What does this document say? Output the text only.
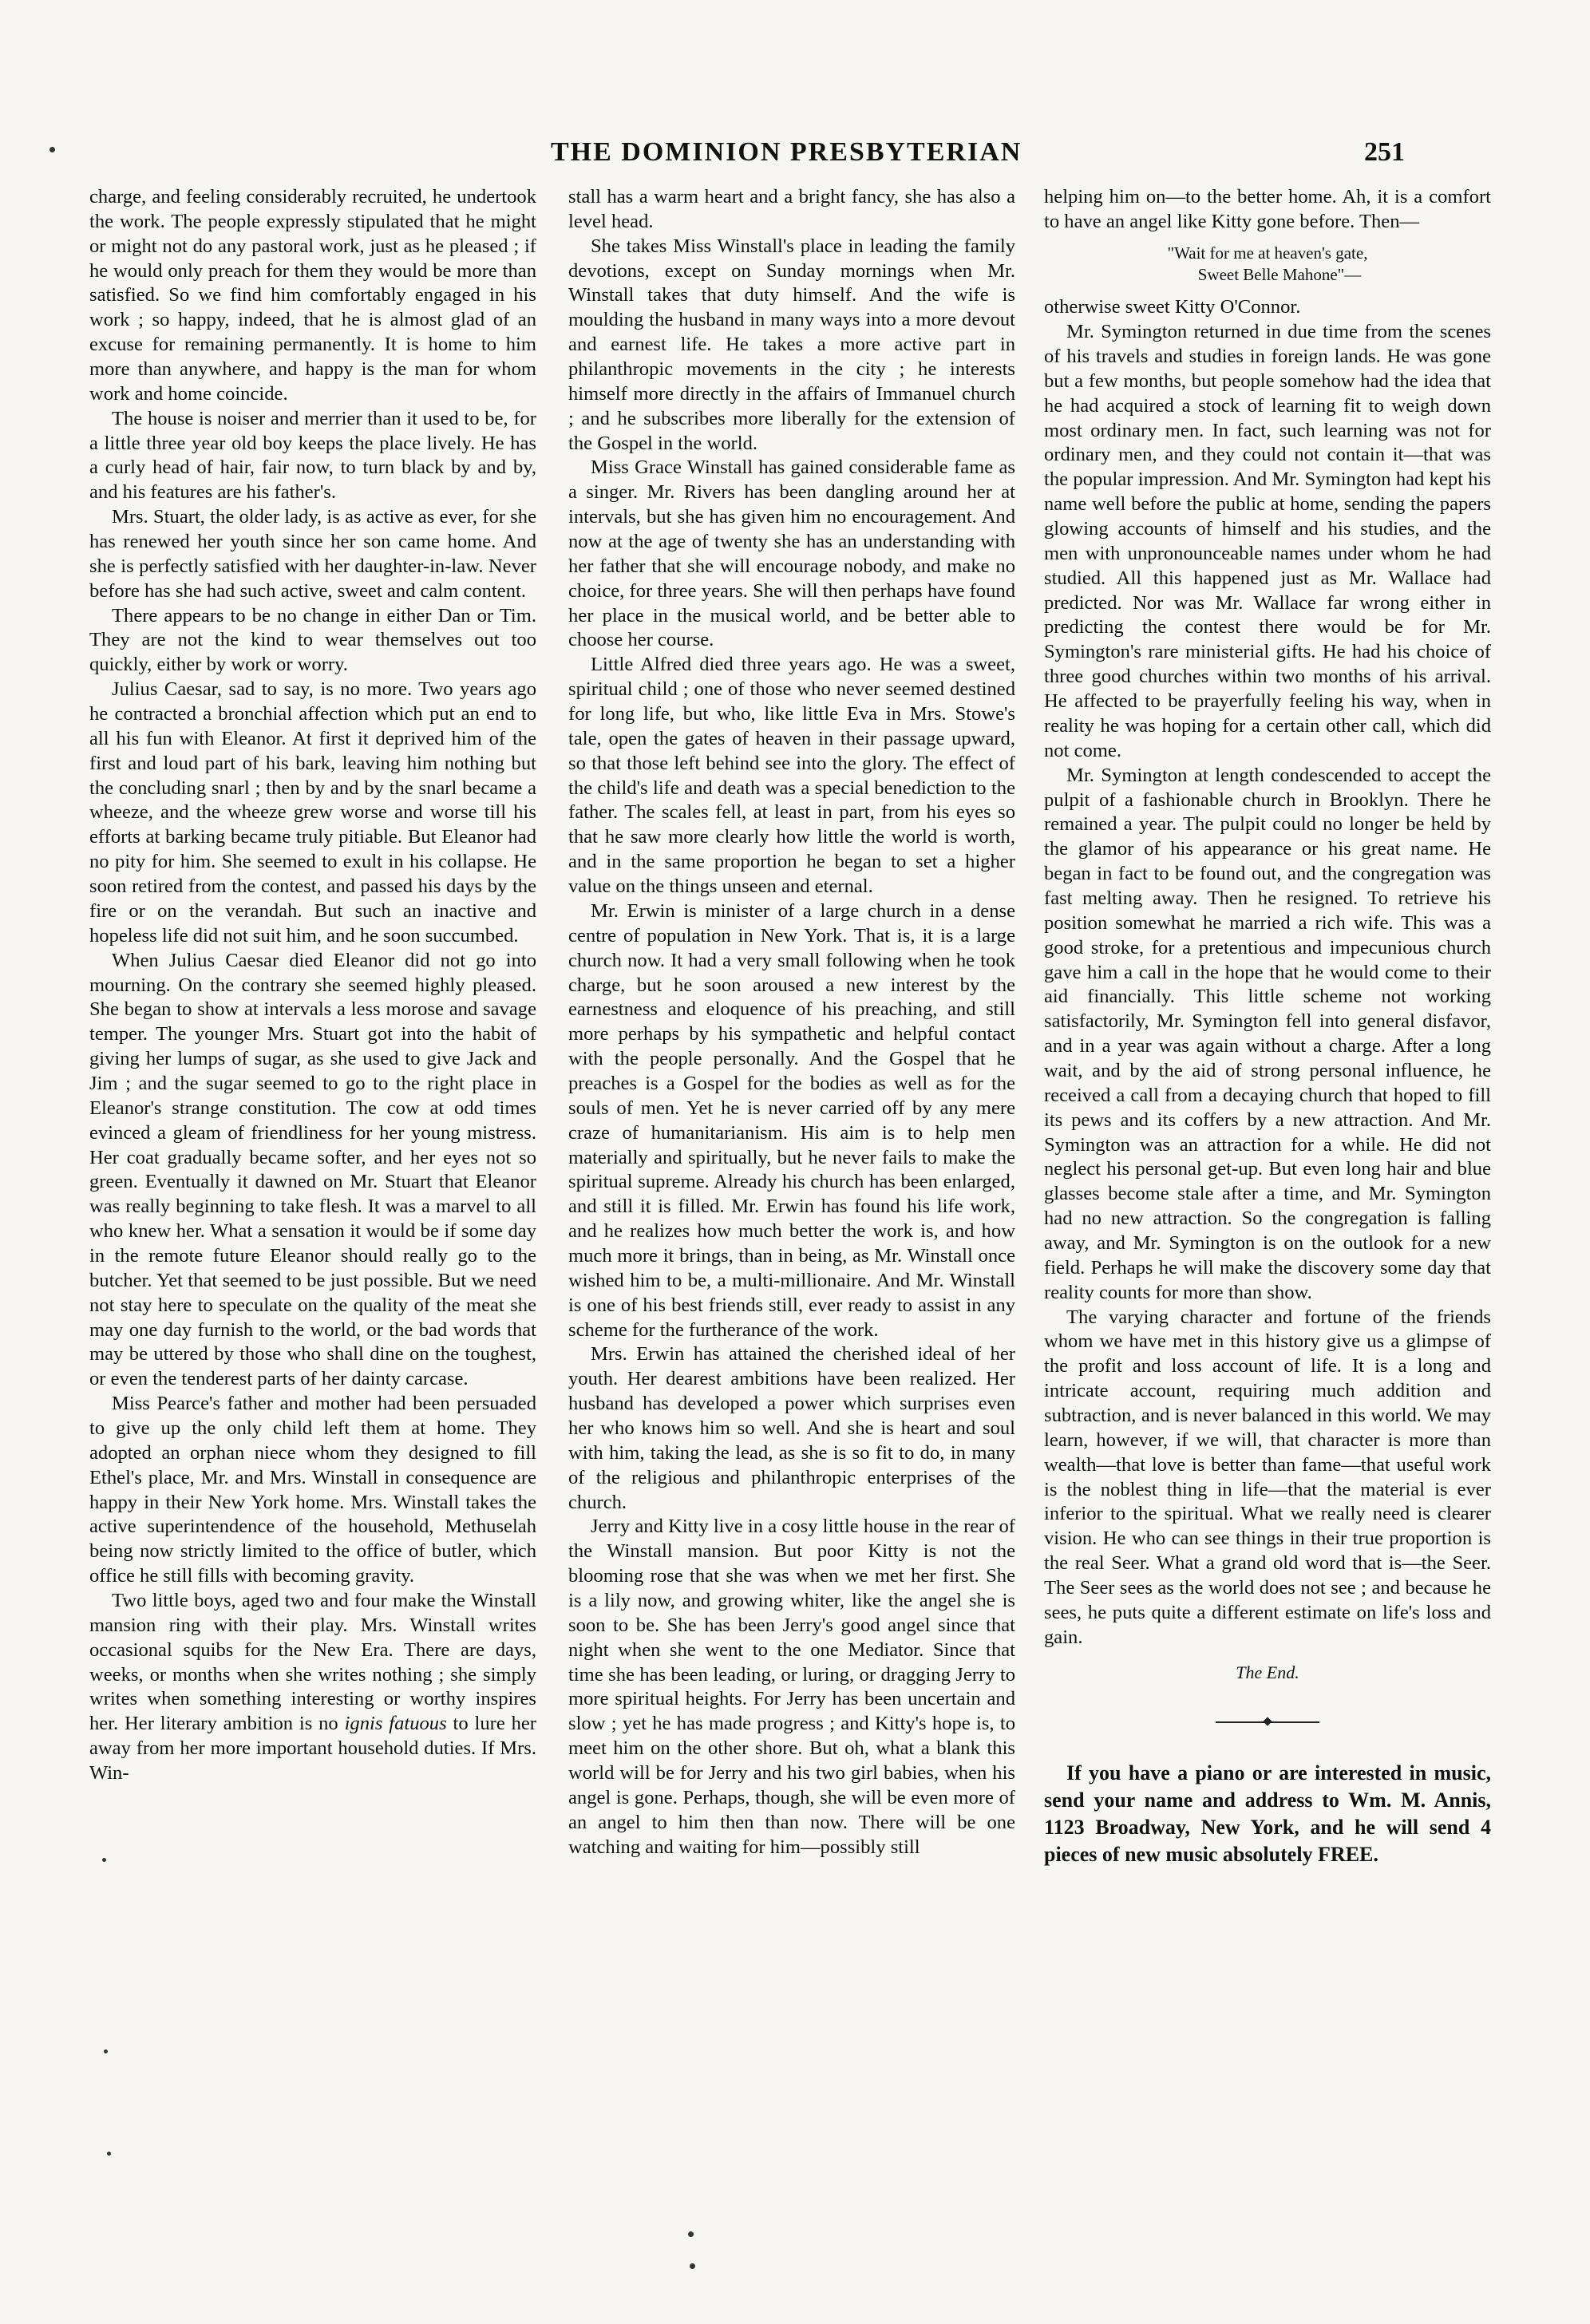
THE DOMINION PRESBYTERIAN	251

charge, and feeling considerably recruited, he undertook the work. The people expressly stipulated that he might or might not do any pastoral work, just as he pleased ; if he would only preach for them they would be more than satisfied. So we find him comfortably engaged in his work ; so happy, indeed, that he is almost glad of an excuse for remaining permanently. It is home to him more than anywhere, and happy is the man for whom work and home coincide.

The house is noiser and merrier than it used to be, for a little three year old boy keeps the place lively. He has a curly head of hair, fair now, to turn black by and by, and his features are his father's.

Mrs. Stuart, the older lady, is as active as ever, for she has renewed her youth since her son came home. And she is perfectly satisfied with her daughter-in-law. Never before has she had such active, sweet and calm content.

There appears to be no change in either Dan or Tim. They are not the kind to wear themselves out too quickly, either by work or worry.

Julius Caesar, sad to say, is no more. Two years ago he contracted a bronchial affection which put an end to all his fun with Eleanor. At first it deprived him of the first and loud part of his bark, leaving him nothing but the concluding snarl ; then by and by the snarl became a wheeze, and the wheeze grew worse and worse till his efforts at barking became truly pitiable. But Eleanor had no pity for him. She seemed to exult in his collapse. He soon retired from the contest, and passed his days by the fire or on the verandah. But such an inactive and hopeless life did not suit him, and he soon succumbed.

When Julius Caesar died Eleanor did not go into mourning. On the contrary she seemed highly pleased. She began to show at intervals a less morose and savage temper. The younger Mrs. Stuart got into the habit of giving her lumps of sugar, as she used to give Jack and Jim ; and the sugar seemed to go to the right place in Eleanor's strange constitution. The cow at odd times evinced a gleam of friendliness for her young mistress. Her coat gradually became softer, and her eyes not so green. Eventually it dawned on Mr. Stuart that Eleanor was really beginning to take flesh. It was a marvel to all who knew her. What a sensation it would be if some day in the remote future Eleanor should really go to the butcher. Yet that seemed to be just possible. But we need not stay here to speculate on the quality of the meat she may one day furnish to the world, or the bad words that may be uttered by those who shall dine on the toughest, or even the tenderest parts of her dainty carcase.

Miss Pearce's father and mother had been persuaded to give up the only child left them at home. They adopted an orphan niece whom they designed to fill Ethel's place, Mr. and Mrs. Winstall in consequence are happy in their New York home. Mrs. Winstall takes the active superintendence of the household, Methuselah being now strictly limited to the office of butler, which office he still fills with becoming gravity.

Two little boys, aged two and four make the Winstall mansion ring with their play. Mrs. Winstall writes occasional squibs for the New Era. There are days, weeks, or months when she writes nothing ; she simply writes when something interesting or worthy inspires her. Her literary ambition is no ignis fatuous to lure her away from her more important household duties. If Mrs. Win-

stall has a warm heart and a bright fancy, she has also a level head.

She takes Miss Winstall's place in leading the family devotions, except on Sunday mornings when Mr. Winstall takes that duty himself. And the wife is moulding the husband in many ways into a more devout and earnest life. He takes a more active part in philanthropic movements in the city ; he interests himself more directly in the affairs of Immanuel church ; and he subscribes more liberally for the extension of the Gospel in the world.

Miss Grace Winstall has gained considerable fame as a singer. Mr. Rivers has been dangling around her at intervals, but she has given him no encouragement. And now at the age of twenty she has an understanding with her father that she will encourage nobody, and make no choice, for three years. She will then perhaps have found her place in the musical world, and be better able to choose her course.

Little Alfred died three years ago. He was a sweet, spiritual child ; one of those who never seemed destined for long life, but who, like little Eva in Mrs. Stowe's tale, open the gates of heaven in their passage upward, so that those left behind see into the glory. The effect of the child's life and death was a special benediction to the father. The scales fell, at least in part, from his eyes so that he saw more clearly how little the world is worth, and in the same proportion he began to set a higher value on the things unseen and eternal.

Mr. Erwin is minister of a large church in a dense centre of population in New York. That is, it is a large church now. It had a very small following when he took charge, but he soon aroused a new interest by the earnestness and eloquence of his preaching, and still more perhaps by his sympathetic and helpful contact with the people personally. And the Gospel that he preaches is a Gospel for the bodies as well as for the souls of men. Yet he is never carried off by any mere craze of humanitarianism. His aim is to help men materially and spiritually, but he never fails to make the spiritual supreme. Already his church has been enlarged, and still it is filled. Mr. Erwin has found his life work, and he realizes how much better the work is, and how much more it brings, than in being, as Mr. Winstall once wished him to be, a multi-millionaire. And Mr. Winstall is one of his best friends still, ever ready to assist in any scheme for the furtherance of the work.

Mrs. Erwin has attained the cherished ideal of her youth. Her dearest ambitions have been realized. Her husband has developed a power which surprises even her who knows him so well. And she is heart and soul with him, taking the lead, as she is so fit to do, in many of the religious and philanthropic enterprises of the church.

Jerry and Kitty live in a cosy little house in the rear of the Winstall mansion. But poor Kitty is not the blooming rose that she was when we met her first. She is a lily now, and growing whiter, like the angel she is soon to be. She has been Jerry's good angel since that night when she went to the one Mediator. Since that time she has been leading, or luring, or dragging Jerry to more spiritual heights. For Jerry has been uncertain and slow ; yet he has made progress ; and Kitty's hope is, to meet him on the other shore. But oh, what a blank this world will be for Jerry and his two girl babies, when his angel is gone. Perhaps, though, she will be even more of an angel to him then than now. There will be one watching and waiting for him—possibly still

helping him on—to the better home. Ah, it is a comfort to have an angel like Kitty gone before. Then—

"Wait for me at heaven's gate,
Sweet Belle Mahone"—

otherwise sweet Kitty O'Connor.

Mr. Symington returned in due time from the scenes of his travels and studies in foreign lands. He was gone but a few months, but people somehow had the idea that he had acquired a stock of learning fit to weigh down most ordinary men. In fact, such learning was not for ordinary men, and they could not contain it—that was the popular impression. And Mr. Symington had kept his name well before the public at home, sending the papers glowing accounts of himself and his studies, and the men with unpronounceable names under whom he had studied. All this happened just as Mr. Wallace had predicted. Nor was Mr. Wallace far wrong either in predicting the contest there would be for Mr. Symington's rare ministerial gifts. He had his choice of three good churches within two months of his arrival. He affected to be prayerfully feeling his way, when in reality he was hoping for a certain other call, which did not come.

Mr. Symington at length condescended to accept the pulpit of a fashionable church in Brooklyn. There he remained a year. The pulpit could no longer be held by the glamor of his appearance or his great name. He began in fact to be found out, and the congregation was fast melting away. Then he resigned. To retrieve his position somewhat he married a rich wife. This was a good stroke, for a pretentious and impecunious church gave him a call in the hope that he would come to their aid financially. This little scheme not working satisfactorily, Mr. Symington fell into general disfavor, and in a year was again without a charge. After a long wait, and by the aid of strong personal influence, he received a call from a decaying church that hoped to fill its pews and its coffers by a new attraction. And Mr. Symington was an attraction for a while. He did not neglect his personal get-up. But even long hair and blue glasses become stale after a time, and Mr. Symington had no new attraction. So the congregation is falling away, and Mr. Symington is on the outlook for a new field. Perhaps he will make the discovery some day that reality counts for more than show.

The varying character and fortune of the friends whom we have met in this history give us a glimpse of the profit and loss account of life. It is a long and intricate account, requiring much addition and subtraction, and is never balanced in this world. We may learn, however, if we will, that character is more than wealth—that love is better than fame—that useful work is the noblest thing in life—that the material is ever inferior to the spiritual. What we really need is clearer vision. He who can see things in their true proportion is the real Seer. What a grand old word that is—the Seer. The Seer sees as the world does not see ; and because he sees, he puts quite a different estimate on life's loss and gain.

The End.

If you have a piano or are interested in music, send your name and address to Wm. M. Annis, 1123 Broadway, New York, and he will send 4 pieces of new music absolutely FREE.
